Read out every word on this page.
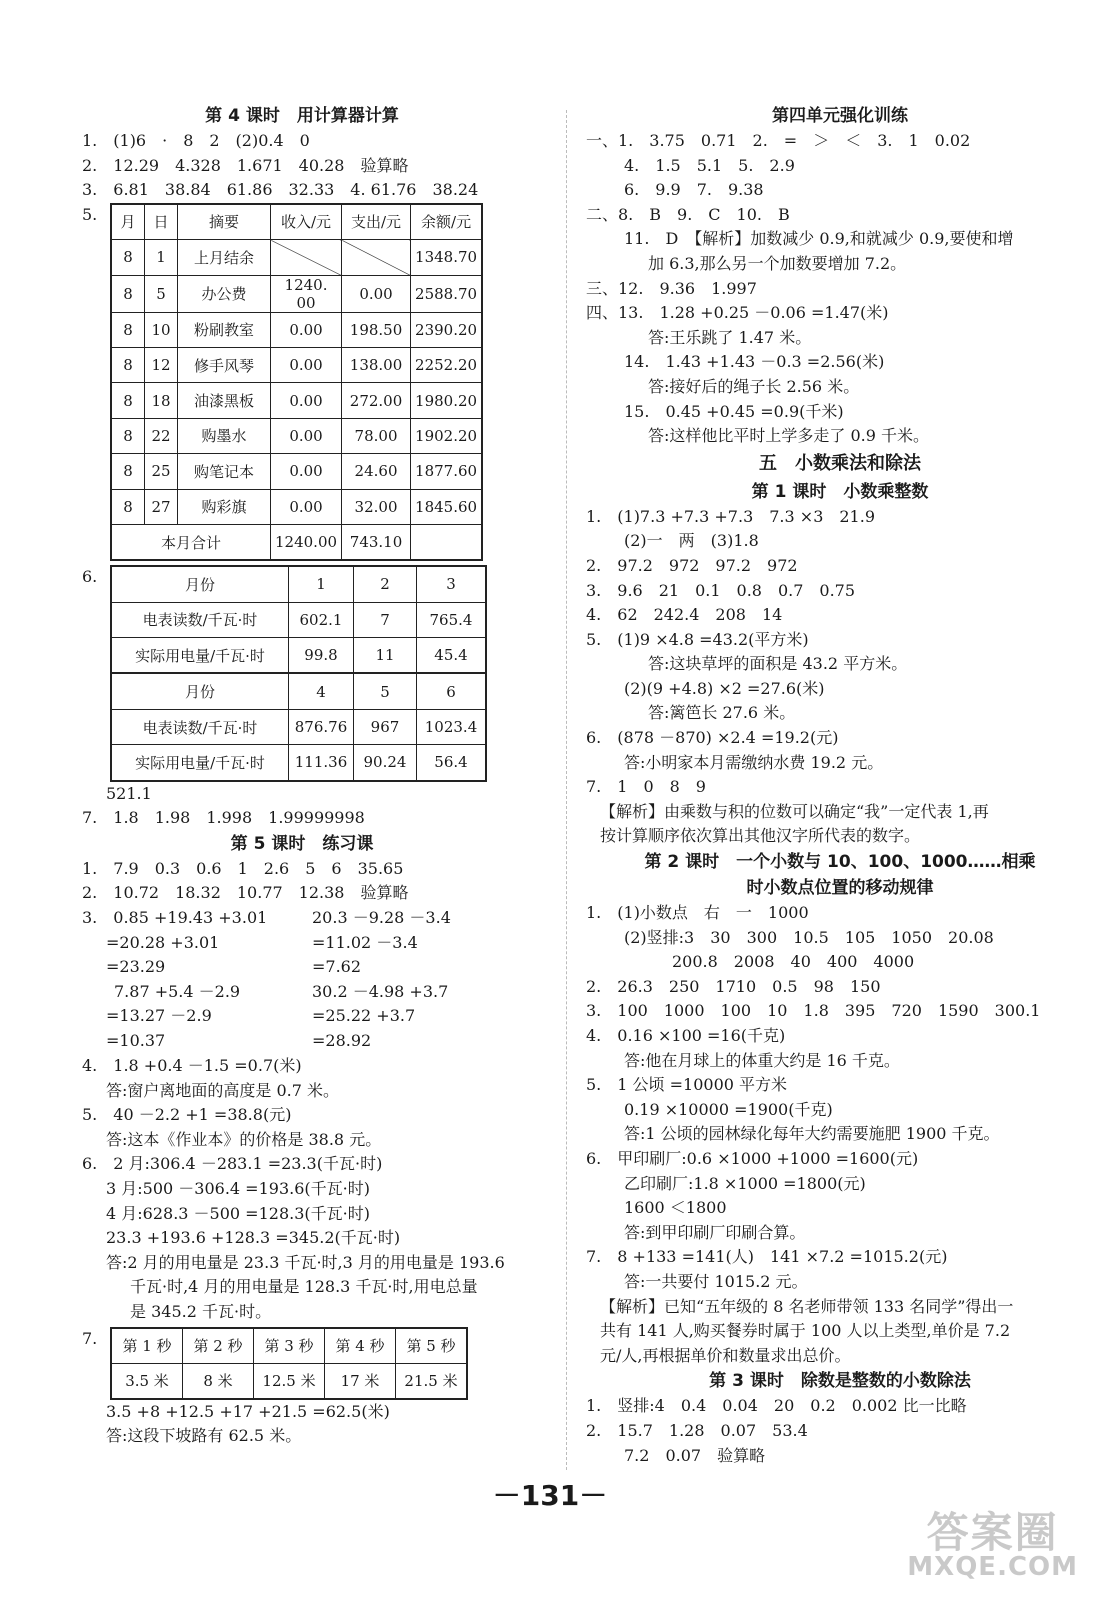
第 4 课时　用计算器计算
1.　(1)6　·　8　2　(2)0.4　0
2.　12.29　4.328　1.671　40.28　验算略
3.　6.81　38.84　61.86　32.33　4. 61.76　38.24
5.	月	日	摘要	收入/元	支出/元	余额/元
8	1	上月结余			1348.70
8	5	办公费	1240. 00	0.00	2588.70
8	10	粉刷教室	0.00	198.50	2390.20
8	12	修手风琴	0.00	138.00	2252.20
8	18	油漆黑板	0.00	272.00	1980.20
8	22	购墨水	0.00	78.00	1902.20
8	25	购笔记本	0.00	24.60	1877.60
8	27	购彩旗	0.00	32.00	1845.60
本月合计			1240.00	743.10	
6.	月份	1	2	3
电表读数/千瓦·时	602.1	7	765.4
实际用电量/千瓦·时	99.8	11	45.4
月份	4	5	6
电表读数/千瓦·时	876.76	967	1023.4
实际用电量/千瓦·时	111.36	90.24	56.4
521.1
7.　1.8　1.98　1.998　1.99999998
第 5 课时　练习课
1.　7.9　0.3　0.6　1　2.6　5　6　35.65
2.　10.72　18.32　10.77　12.38　验算略
3.　0.85 +19.43 +3.01
=20.28 +3.01
=23.29
7.87 +5.4 －2.9
=13.27 －2.9
=10.37
20.3 －9.28 －3.4
=11.02 －3.4
=7.62
30.2 －4.98 +3.7
=25.22 +3.7
=28.92
4.　1.8 +0.4 －1.5 =0.7(米)
答:窗户离地面的高度是 0.7 米。
5.　40 －2.2 +1 =38.8(元)
答:这本《作业本》的价格是 38.8 元。
6.　2 月:306.4 －283.1 =23.3(千瓦·时)
3 月:500 －306.4 =193.6(千瓦·时)
4 月:628.3 －500 =128.3(千瓦·时)
23.3 +193.6 +128.3 =345.2(千瓦·时)
答:2 月的用电量是 23.3 千瓦·时,3 月的用电量是 193.6
千瓦·时,4 月的用电量是 128.3 千瓦·时,用电总量
是 345.2 千瓦·时。
7.	第 1 秒	第 2 秒	第 3 秒	第 4 秒	第 5 秒
3.5 米	8 米	12.5 米	17 米	21.5 米
3.5 +8 +12.5 +17 +21.5 =62.5(米)
答:这段下坡路有 62.5 米。
第四单元强化训练
一、1.　3.75　0.71　2.　=　＞　＜　3.　1　0.02
4.　1.5　5.1　5.　2.9
6.　9.9　7.　9.38
二、8.　B　9.　C　10.　B
11.　D　【解析】加数减少 0.9,和就减少 0.9,要使和增
加 6.3,那么另一个加数要增加 7.2。
三、12.　9.36　1.997
四、13.　1.28 +0.25 －0.06 =1.47(米)
答:王乐跳了 1.47 米。
14.　1.43 +1.43 －0.3 =2.56(米)
答:接好后的绳子长 2.56 米。
15.　0.45 +0.45 =0.9(千米)
答:这样他比平时上学多走了 0.9 千米。
五　小数乘法和除法
第 1 课时　小数乘整数
1.　(1)7.3 +7.3 +7.3　7.3 ×3　21.9
(2)一　两　(3)1.8
2.　97.2　972　97.2　972
3.　9.6　21　0.1　0.8　0.7　0.75
4.　62　242.4　208　14
5.　(1)9 ×4.8 =43.2(平方米)
答:这块草坪的面积是 43.2 平方米。
(2)(9 +4.8) ×2 =27.6(米)
答:篱笆长 27.6 米。
6.　(878 －870) ×2.4 =19.2(元)
答:小明家本月需缴纳水费 19.2 元。
7.　1　0　8　9
【解析】由乘数与积的位数可以确定“我”一定代表 1,再
按计算顺序依次算出其他汉字所代表的数字。
第 2 课时　一个小数与 10、100、1000……相乘
时小数点位置的移动规律
1.　(1)小数点　右　一　1000
(2)竖排:3　30　300　10.5　105　1050　20.08
200.8　2008　40　400　4000
2.　26.3　250　1710　0.5　98　150
3.　100　1000　100　10　1.8　395　720　1590　300.1
4.　0.16 ×100 =16(千克)
答:他在月球上的体重大约是 16 千克。
5.　1 公顷 =10000 平方米
0.19 ×10000 =1900(千克)
答:1 公顷的园林绿化每年大约需要施肥 1900 千克。
6.　甲印刷厂:0.6 ×1000 +1000 =1600(元)
乙印刷厂:1.8 ×1000 =1800(元)
1600 ＜1800
答:到甲印刷厂印刷合算。
7.　8 +133 =141(人)　141 ×7.2 =1015.2(元)
答:一共要付 1015.2 元。
【解析】已知“五年级的 8 名老师带领 133 名同学”得出一
共有 141 人,购买餐券时属于 100 人以上类型,单价是 7.2
元/人,再根据单价和数量求出总价。
第 3 课时　除数是整数的小数除法
1.　竖排:4　0.4　0.04　20　0.2　0.002 比一比略
2.　15.7　1.28　0.07　53.4
7.2　0.07　验算略
－131－
答案圈
MXQE.COM
